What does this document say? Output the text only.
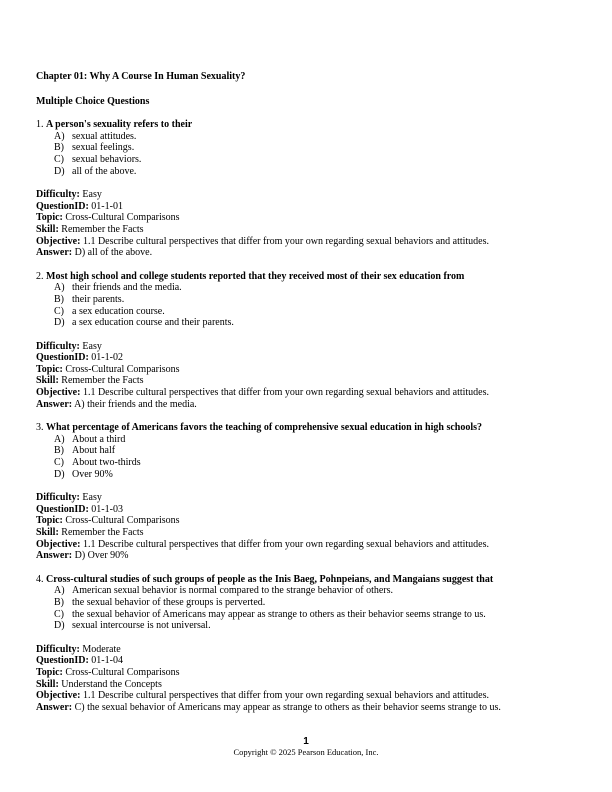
Chapter 01: Why A Course In Human Sexuality?
Multiple Choice Questions
1. A person's sexuality refers to their
A) sexual attitudes.
B) sexual feelings.
C) sexual behaviors.
D) all of the above.
Difficulty: Easy
QuestionID: 01-1-01
Topic: Cross-Cultural Comparisons
Skill: Remember the Facts
Objective: 1.1 Describe cultural perspectives that differ from your own regarding sexual behaviors and attitudes.
Answer: D) all of the above.
2. Most high school and college students reported that they received most of their sex education from
A) their friends and the media.
B) their parents.
C) a sex education course.
D) a sex education course and their parents.
Difficulty: Easy
QuestionID: 01-1-02
Topic: Cross-Cultural Comparisons
Skill: Remember the Facts
Objective: 1.1 Describe cultural perspectives that differ from your own regarding sexual behaviors and attitudes.
Answer: A) their friends and the media.
3. What percentage of Americans favors the teaching of comprehensive sexual education in high schools?
A) About a third
B) About half
C) About two-thirds
D) Over 90%
Difficulty: Easy
QuestionID: 01-1-03
Topic: Cross-Cultural Comparisons
Skill: Remember the Facts
Objective: 1.1 Describe cultural perspectives that differ from your own regarding sexual behaviors and attitudes.
Answer: D) Over 90%
4. Cross-cultural studies of such groups of people as the Inis Baeg, Pohnpeians, and Mangaians suggest that
A) American sexual behavior is normal compared to the strange behavior of others.
B) the sexual behavior of these groups is perverted.
C) the sexual behavior of Americans may appear as strange to others as their behavior seems strange to us.
D) sexual intercourse is not universal.
Difficulty: Moderate
QuestionID: 01-1-04
Topic: Cross-Cultural Comparisons
Skill: Understand the Concepts
Objective: 1.1 Describe cultural perspectives that differ from your own regarding sexual behaviors and attitudes.
Answer: C) the sexual behavior of Americans may appear as strange to others as their behavior seems strange to us.
1
Copyright © 2025 Pearson Education, Inc.
